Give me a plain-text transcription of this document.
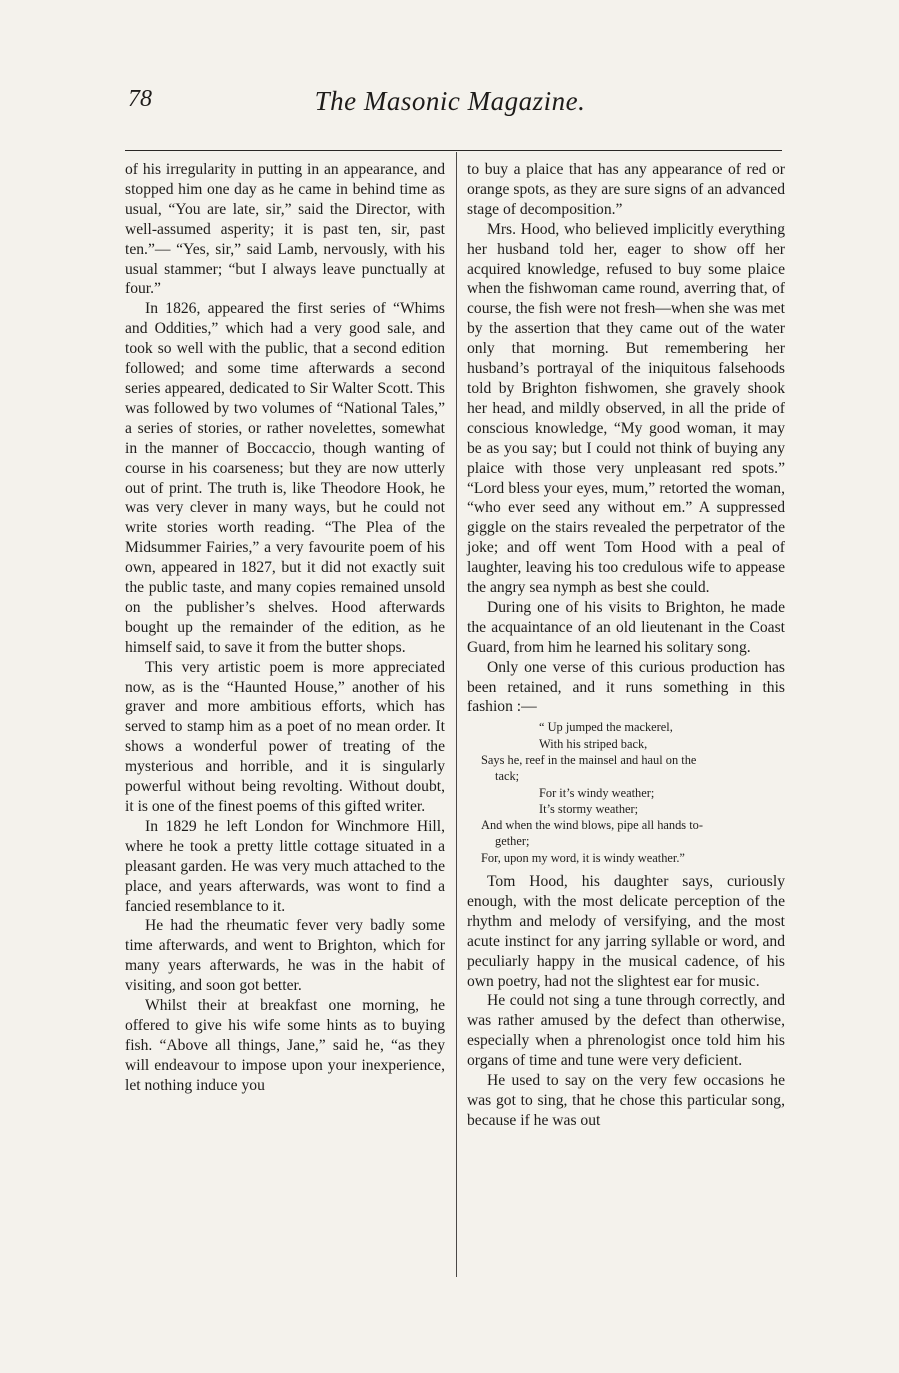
78	The Masonic Magazine.

of his irregularity in putting in an appearance, and stopped him one day as he came in behind time as usual, “You are late, sir,” said the Director, with well-assumed asperity; it is past ten, sir, past ten.”— “Yes, sir,” said Lamb, nervously, with his usual stammer; “but I always leave punctually at four.”

In 1826, appeared the first series of “Whims and Oddities,” which had a very good sale, and took so well with the public, that a second edition followed; and some time afterwards a second series appeared, dedicated to Sir Walter Scott. This was followed by two volumes of “National Tales,” a series of stories, or rather novelettes, somewhat in the manner of Boccaccio, though wanting of course in his coarseness; but they are now utterly out of print. The truth is, like Theodore Hook, he was very clever in many ways, but he could not write stories worth reading. “The Plea of the Midsummer Fairies,” a very favourite poem of his own, appeared in 1827, but it did not exactly suit the public taste, and many copies remained unsold on the publisher’s shelves. Hood afterwards bought up the remainder of the edition, as he himself said, to save it from the butter shops.

This very artistic poem is more appreciated now, as is the “Haunted House,” another of his graver and more ambitious efforts, which has served to stamp him as a poet of no mean order. It shows a wonderful power of treating of the mysterious and horrible, and it is singularly powerful without being revolting. Without doubt, it is one of the finest poems of this gifted writer.

In 1829 he left London for Winchmore Hill, where he took a pretty little cottage situated in a pleasant garden. He was very much attached to the place, and years afterwards, was wont to find a fancied resemblance to it.

He had the rheumatic fever very badly some time afterwards, and went to Brighton, which for many years afterwards, he was in the habit of visiting, and soon got better.

Whilst their at breakfast one morning, he offered to give his wife some hints as to buying fish. “Above all things, Jane,” said he, “as they will endeavour to impose upon your inexperience, let nothing induce you

to buy a plaice that has any appearance of red or orange spots, as they are sure signs of an advanced stage of decomposition.”

Mrs. Hood, who believed implicitly everything her husband told her, eager to show off her acquired knowledge, refused to buy some plaice when the fishwoman came round, averring that, of course, the fish were not fresh—when she was met by the assertion that they came out of the water only that morning. But remembering her husband’s portrayal of the iniquitous falsehoods told by Brighton fishwomen, she gravely shook her head, and mildly observed, in all the pride of conscious knowledge, “My good woman, it may be as you say; but I could not think of buying any plaice with those very unpleasant red spots.” “Lord bless your eyes, mum,” retorted the woman, “who ever seed any without em.” A suppressed giggle on the stairs revealed the perpetrator of the joke; and off went Tom Hood with a peal of laughter, leaving his too credulous wife to appease the angry sea nymph as best she could.

During one of his visits to Brighton, he made the acquaintance of an old lieutenant in the Coast Guard, from him he learned his solitary song.

Only one verse of this curious production has been retained, and it runs something in this fashion :—

“ Up jumped the mackerel,
With his striped back,
Says he, reef in the mainsel and haul on the
tack;
For it’s windy weather;
It’s stormy weather;
And when the wind blows, pipe all hands to-
gether;
For, upon my word, it is windy weather.”

Tom Hood, his daughter says, curiously enough, with the most delicate perception of the rhythm and melody of versifying, and the most acute instinct for any jarring syllable or word, and peculiarly happy in the musical cadence, of his own poetry, had not the slightest ear for music.

He could not sing a tune through correctly, and was rather amused by the defect than otherwise, especially when a phrenologist once told him his organs of time and tune were very deficient.

He used to say on the very few occasions he was got to sing, that he chose this particular song, because if he was out
